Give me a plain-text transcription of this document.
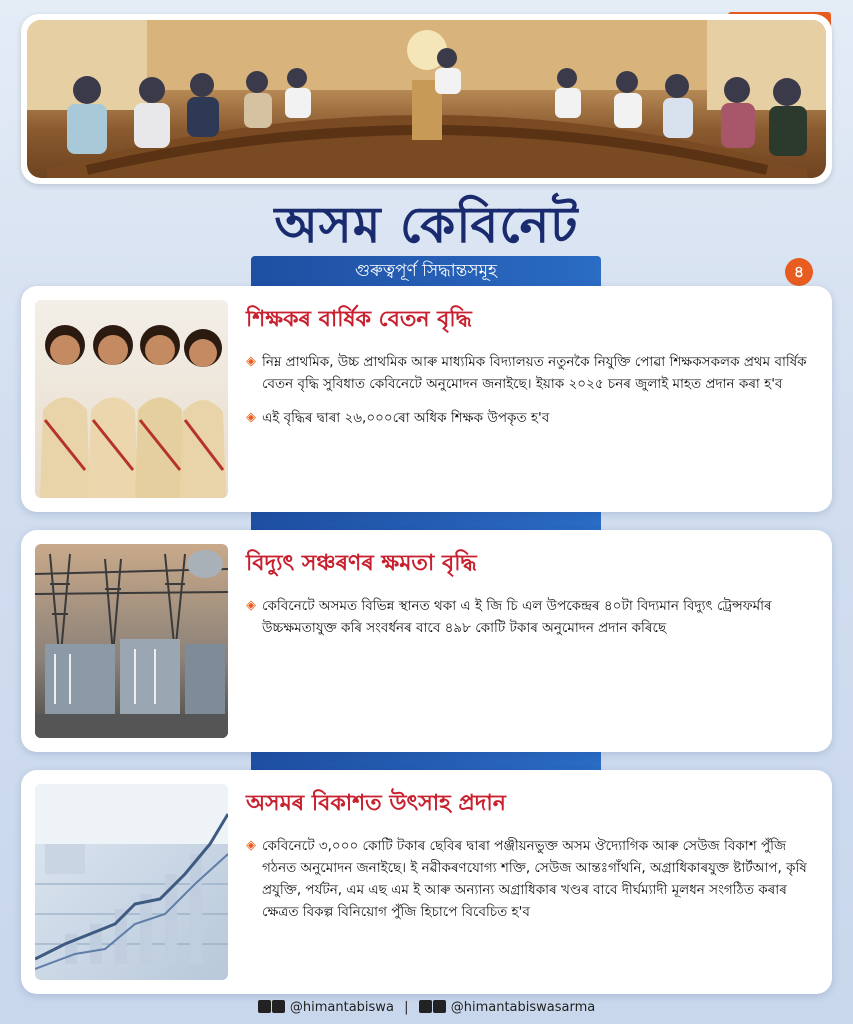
অসম কেবিনেট
গুৰুত্বপূৰ্ণ সিদ্ধান্তসমূহ	৪
শিক্ষকৰ বাৰ্ষিক বেতন বৃদ্ধি
◈ নিম্ন প্ৰাথমিক, উচ্চ প্ৰাথমিক আৰু মাধ্যমিক বিদ্যালয়ত নতুনকৈ নিযুক্তি পোৱা শিক্ষকসকলক প্ৰথম বাৰ্ষিক বেতন বৃদ্ধি সুবিধাত কেবিনেটে অনুমোদন জনাইছে। ইয়াক ২০২৫ চনৰ জুলাই মাহত প্ৰদান কৰা হ'ব
◈ এই বৃদ্ধিৰ দ্বাৰা ২৬,০০০ৰো অধিক শিক্ষক উপকৃত হ'ব
বিদ্যুৎ সঞ্চৰণৰ ক্ষমতা বৃদ্ধি
◈ কেবিনেটে অসমত বিভিন্ন স্থানত থকা এ ই জি চি এল উপকেন্দ্ৰৰ ৪০টা বিদ্যমান বিদ্যুৎ ট্ৰেন্সফৰ্মাৰ উচ্চক্ষমতাযুক্ত কৰি সংবৰ্ধনৰ বাবে ৪৯৮ কোটি টকাৰ অনুমোদন প্ৰদান কৰিছে
অসমৰ বিকাশত উৎসাহ প্ৰদান
◈ কেবিনেটে ৩,০০০ কোটি টকাৰ ছেবিৰ দ্বাৰা পঞ্জীয়নভুক্ত অসম ঔদ্যোগিক আৰু সেউজ বিকাশ পুঁজি গঠনত অনুমোদন জনাইছে। ই নৱীকৰণযোগ্য শক্তি, সেউজ আন্তঃগাঁথনি, অগ্ৰাধিকাৰযুক্ত ষ্টাৰ্টআপ, কৃষি প্ৰযুক্তি, পৰ্যটন, এম এছ এম ই আৰু অন্যান্য অগ্ৰাধিকাৰ খণ্ডৰ বাবে দীৰ্ঘম্যাদী মূলধন সংগঠিত কৰাৰ ক্ষেত্ৰত বিকল্প বিনিয়োগ পুঁজি হিচাপে বিবেচিত হ'ব
@himantabiswa |	@himantabiswasarma
